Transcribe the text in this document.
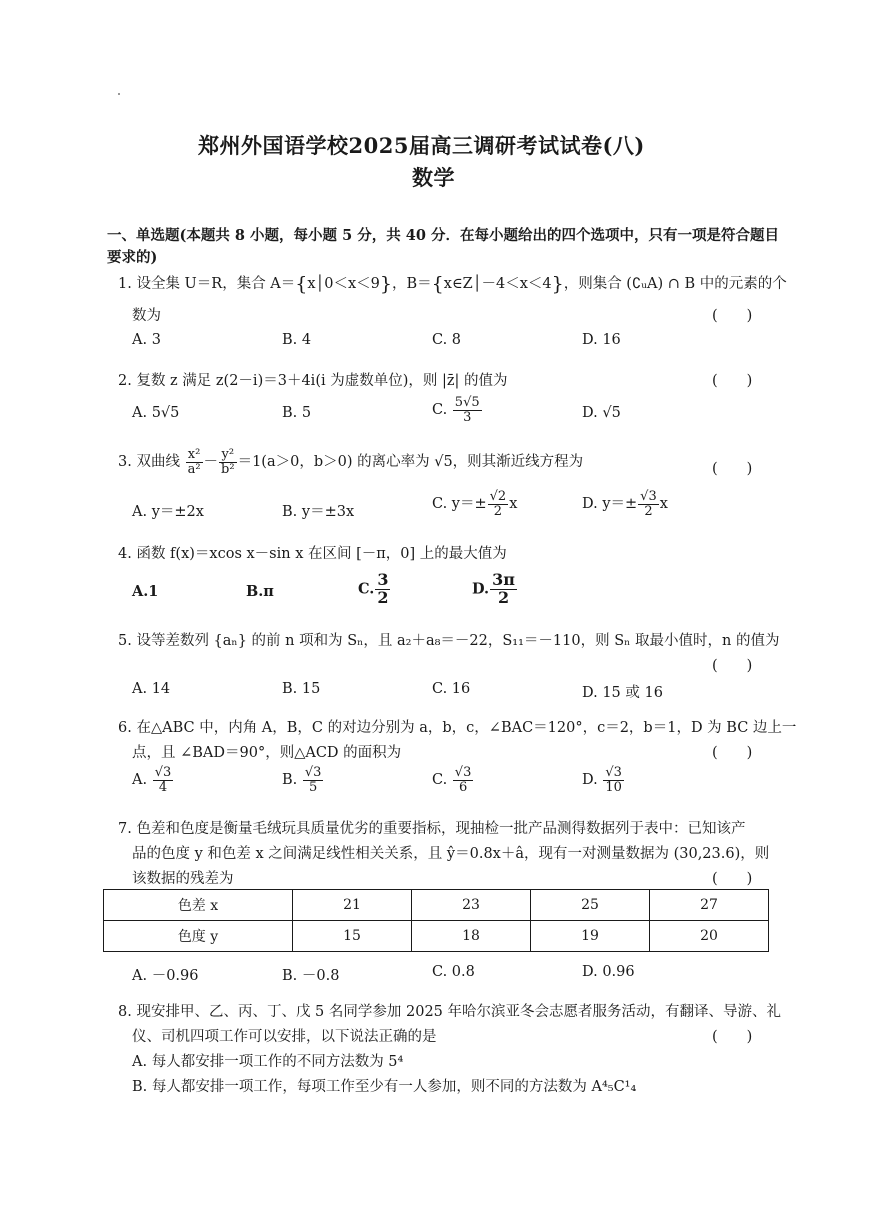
郑州外国语学校2025届高三调研考试试卷(八)
数学
一、单选题(本题共 8 小题，每小题 5 分，共 40 分．在每小题给出的四个选项中，只有一项是符合题目
要求的)
1. 设全集 U＝R，集合 A＝{x│0＜x＜9}，B＝{x∈Z│－4＜x＜4}，则集合 (∁ᵤA) ∩ B 中的元素的个
数为	(　　)
A. 3	B. 4	C. 8	D. 16
2. 复数 z 满足 z(2－i)＝3＋4i(i 为虚数单位)，则 |z̄| 的值为	(　　)
A. 5√5	B. 5	C. $\frac{5√5}{3}$	D. √5
3. 双曲线 $\frac{\text{x²}}{\text{a²}} - \frac{\text{y²}}{\text{b²}} =1(a>0$，b＞0) 的离心率为 √5，则其渐近线方程为	(　　)
A. y＝±2x	B. y＝±3x	C. $y=\pm \frac{√2}{2}$ x	D. $y=\pm \frac{√3}{2}$ x
4. 函数 f(x)＝xcos x－sin x 在区间 [－π，0] 上的最大值为
A.1	B.π	C. $\frac{3}{2}$	D. $\frac{3\pi}{2}$
5. 设等差数列 {aₙ} 的前 n 项和为 Sₙ，且 a₂＋a₈＝－22，S₁₁＝－110，则 Sₙ 取最小值时，n 的值为
(　　)
A. 14	B. 15	C. 16	D. 15 或 16
6. 在△ABC 中，内角 A，B，C 的对边分别为 a，b，c，∠BAC＝120°，c＝2，b＝1，D 为 BC 边上一
点，且 ∠BAD＝90°，则△ACD 的面积为	(　　)
A. $\frac{√3}{4}$	B. $\frac{√3}{5}$	C. $\frac{√3}{6}$	D. $\frac{√3}{10}$
7. 色差和色度是衡量毛绒玩具质量优劣的重要指标，现抽检一批产品测得数据列于表中：已知该产
品的色度 y 和色差 x 之间满足线性相关关系，且 ŷ＝0.8x＋â，现有一对测量数据为 (30,23.6)，则
该数据的残差为	(　　)
色差 x	21	23	25	27
色度 y	15	18	19	20
A. －0.96	B. －0.8	C. 0.8	D. 0.96
8. 现安排甲、乙、丙、丁、戊 5 名同学参加 2025 年哈尔滨亚冬会志愿者服务活动，有翻译、导游、礼
仪、司机四项工作可以安排，以下说法正确的是	(　　)
A. 每人都安排一项工作的不同方法数为 5⁴
B. 每人都安排一项工作，每项工作至少有一人参加，则不同的方法数为 A⁴₅C¹₄
